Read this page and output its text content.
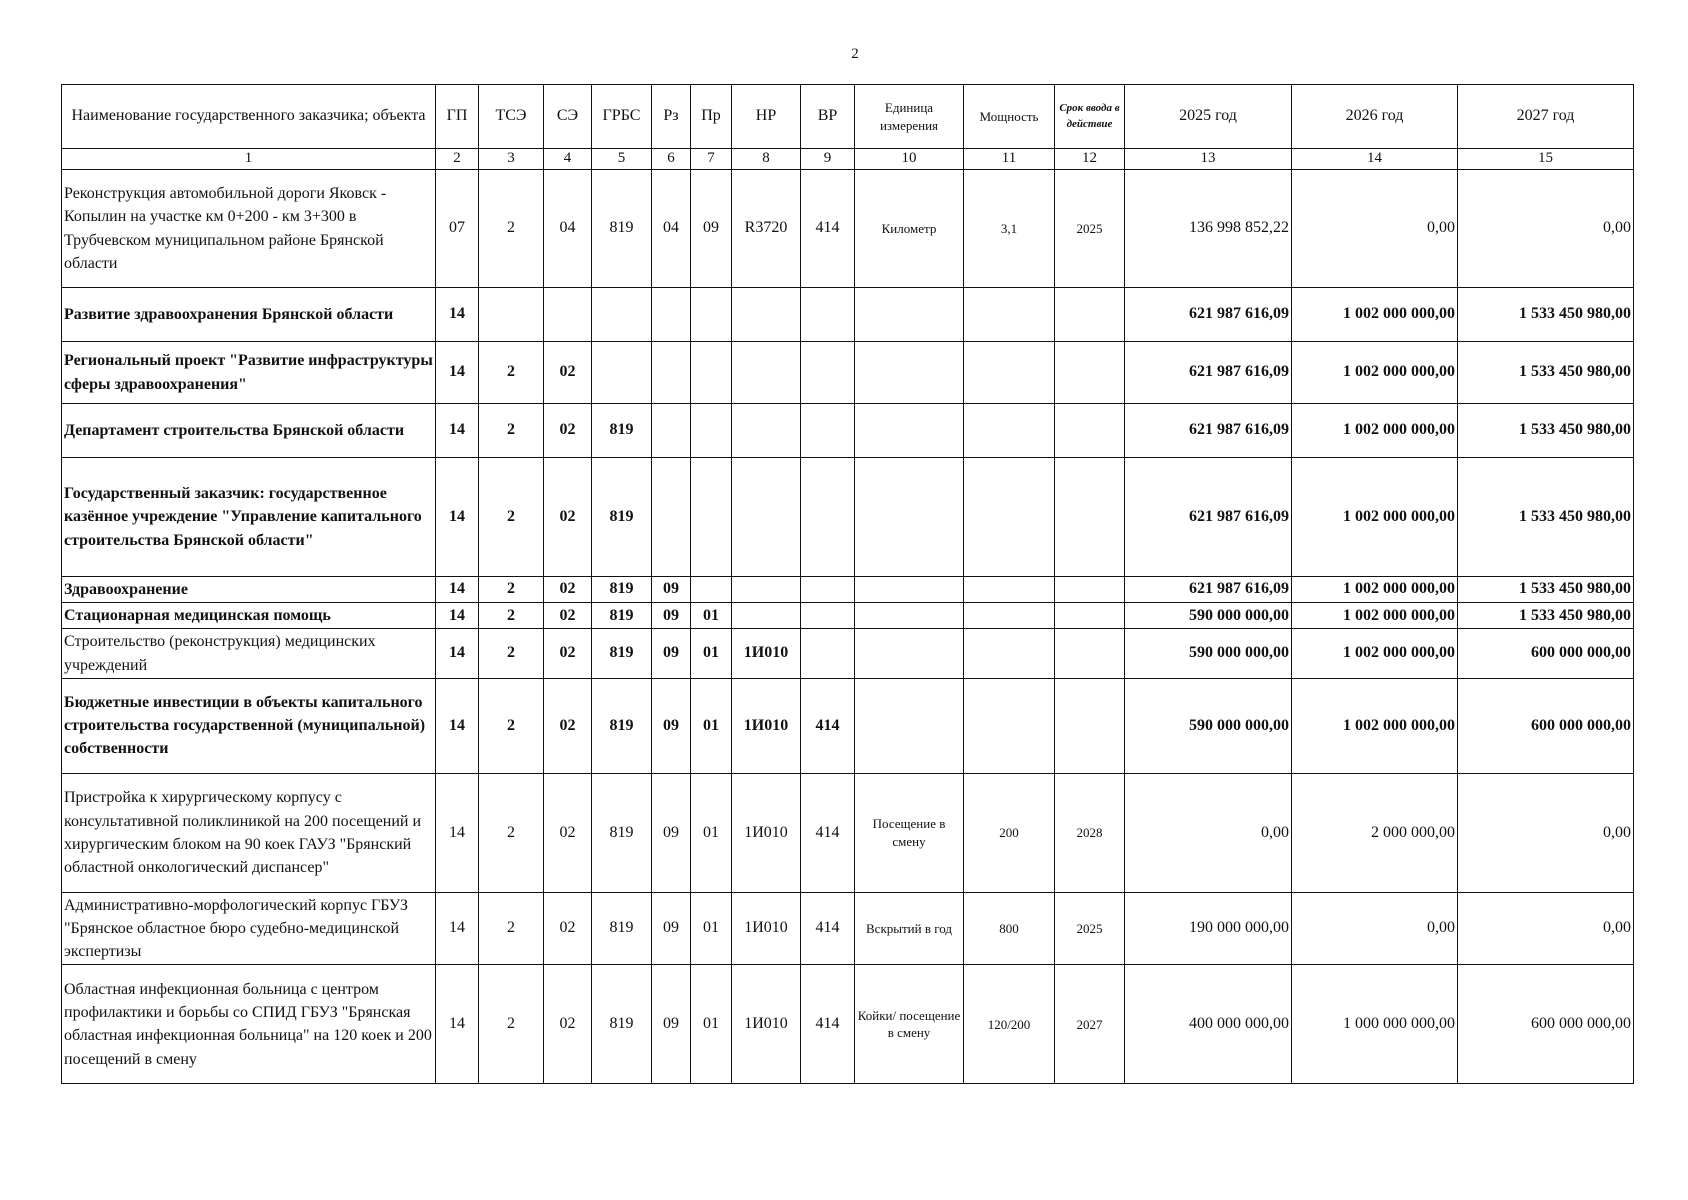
2
Наименование государственного заказчика; объекта	ГП	ТСЭ	СЭ	ГРБС	Рз	Пр	НР	ВР	Единица измерения	Мощность	Срок ввода в действие	2025 год	2026 год	2027 год
1	2	3	4	5	6	7	8	9	10	11	12	13	14	15
Реконструкция автомобильной дороги Яковск - Копылин на участке км 0+200 - км 3+300 в Трубчевском муниципальном районе Брянской области	07	2	04	819	04	09	R3720	414	Километр	3,1	2025	136 998 852,22	0,00	0,00
Развитие здравоохранения Брянской области	14											621 987 616,09	1 002 000 000,00	1 533 450 980,00
Региональный проект "Развитие инфраструктуры сферы здравоохранения"	14	2	02									621 987 616,09	1 002 000 000,00	1 533 450 980,00
Департамент строительства Брянской области	14	2	02	819								621 987 616,09	1 002 000 000,00	1 533 450 980,00
Государственный заказчик: государственное казённое учреждение "Управление капитального строительства Брянской области"	14	2	02	819								621 987 616,09	1 002 000 000,00	1 533 450 980,00
Здравоохранение	14	2	02	819	09							621 987 616,09	1 002 000 000,00	1 533 450 980,00
Стационарная медицинская помощь	14	2	02	819	09	01						590 000 000,00	1 002 000 000,00	1 533 450 980,00
Строительство (реконструкция) медицинских учреждений	14	2	02	819	09	01	1И010					590 000 000,00	1 002 000 000,00	600 000 000,00
Бюджетные инвестиции в объекты капитального строительства государственной (муниципальной) собственности	14	2	02	819	09	01	1И010	414				590 000 000,00	1 002 000 000,00	600 000 000,00
Пристройка к хирургическому корпусу с консультативной поликлиникой на 200 посещений и хирургическим блоком на 90 коек ГАУЗ "Брянский областной онкологический диспансер"	14	2	02	819	09	01	1И010	414	Посещение в смену	200	2028	0,00	2 000 000,00	0,00
Административно-морфологический корпус ГБУЗ "Брянское областное бюро судебно-медицинской экспертизы	14	2	02	819	09	01	1И010	414	Вскрытий в год	800	2025	190 000 000,00	0,00	0,00
Областная инфекционная больница с центром профилактики и борьбы со СПИД ГБУЗ "Брянская областная инфекционная больница" на 120 коек и 200 посещений в смену	14	2	02	819	09	01	1И010	414	Койки/ посещение в смену	120/200	2027	400 000 000,00	1 000 000 000,00	600 000 000,00
